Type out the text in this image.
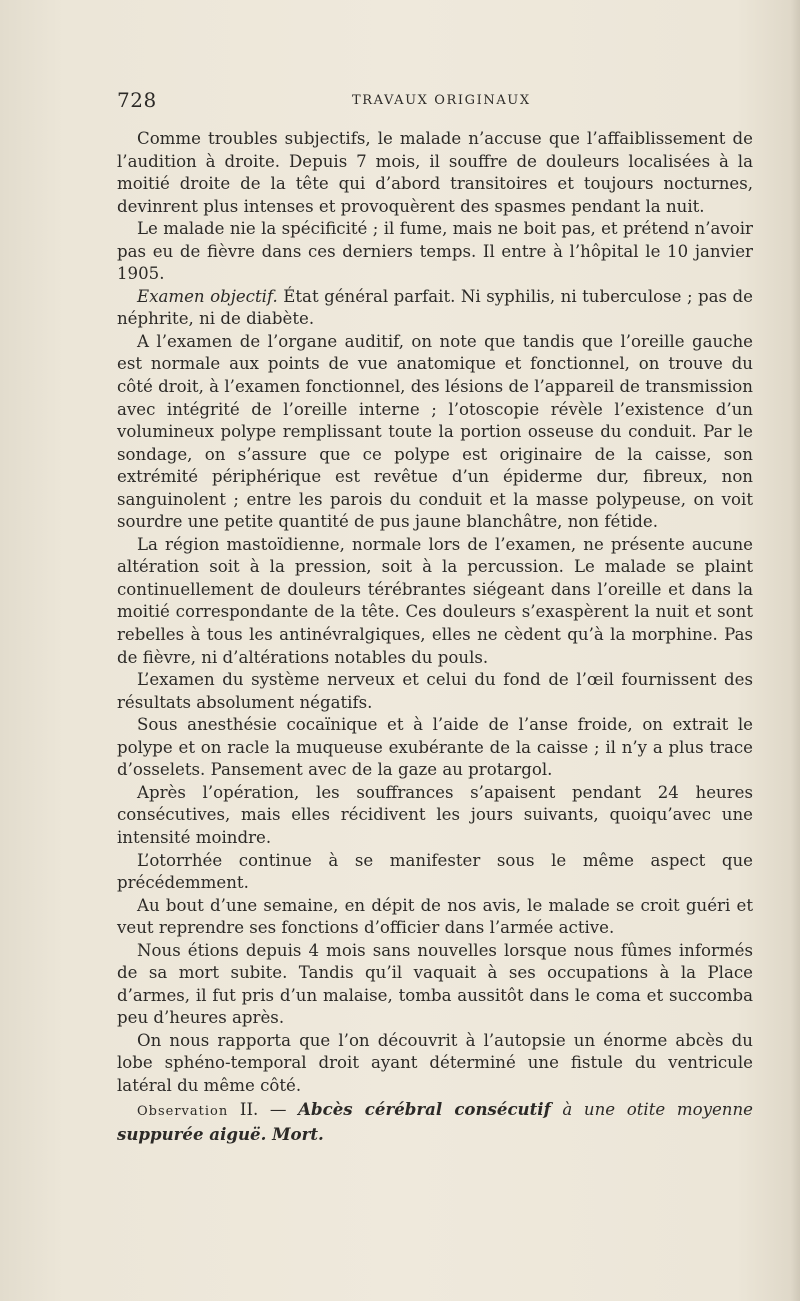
728	TRAVAUX ORIGINAUX

Comme troubles subjectifs, le malade n’accuse que l’affaiblissement de l’audition à droite. Depuis 7 mois, il souffre de douleurs localisées à la moitié droite de la tête qui d’abord transitoires et toujours nocturnes, devinrent plus intenses et provoquèrent des spasmes pendant la nuit.

Le malade nie la spécificité ; il fume, mais ne boit pas, et prétend n’avoir pas eu de fièvre dans ces derniers temps. Il entre à l’hôpital le 10 janvier 1905.

Examen objectif. État général parfait. Ni syphilis, ni tuberculose ; pas de néphrite, ni de diabète.

A l’examen de l’organe auditif, on note que tandis que l’oreille gauche est normale aux points de vue anatomique et fonctionnel, on trouve du côté droit, à l’examen fonctionnel, des lésions de l’appareil de transmission avec intégrité de l’oreille interne ; l’otoscopie révèle l’existence d’un volumineux polype remplissant toute la portion osseuse du conduit. Par le sondage, on s’assure que ce polype est originaire de la caisse, son extrémité périphérique est revêtue d’un épiderme dur, fibreux, non sanguinolent ; entre les parois du conduit et la masse polypeuse, on voit sourdre une petite quantité de pus jaune blanchâtre, non fétide.

La région mastoïdienne, normale lors de l’examen, ne présente aucune altération soit à la pression, soit à la percussion. Le malade se plaint continuellement de douleurs térébrantes siégeant dans l’oreille et dans la moitié correspondante de la tête. Ces douleurs s’exaspèrent la nuit et sont rebelles à tous les antinévralgiques, elles ne cèdent qu’à la morphine. Pas de fièvre, ni d’altérations notables du pouls.

L’examen du système nerveux et celui du fond de l’œil fournissent des résultats absolument négatifs.

Sous anesthésie cocaïnique et à l’aide de l’anse froide, on extrait le polype et on racle la muqueuse exubérante de la caisse ; il n’y a plus trace d’osselets. Pansement avec de la gaze au protargol.

Après l’opération, les souffrances s’apaisent pendant 24 heures consécutives, mais elles récidivent les jours suivants, quoiqu’avec une intensité moindre.

L’otorrhée continue à se manifester sous le même aspect que précédemment.

Au bout d’une semaine, en dépit de nos avis, le malade se croit guéri et veut reprendre ses fonctions d’officier dans l’armée active.

Nous étions depuis 4 mois sans nouvelles lorsque nous fûmes informés de sa mort subite. Tandis qu’il vaquait à ses occupations à la Place d’armes, il fut pris d’un malaise, tomba aussitôt dans le coma et succomba peu d’heures après.

On nous rapporta que l’on découvrit à l’autopsie un énorme abcès du lobe sphéno-temporal droit ayant déterminé une fistule du ventricule latéral du même côté.

Observation II. — Abcès cérébral consécutif à une otite moyenne suppurée aiguë. Mort.
